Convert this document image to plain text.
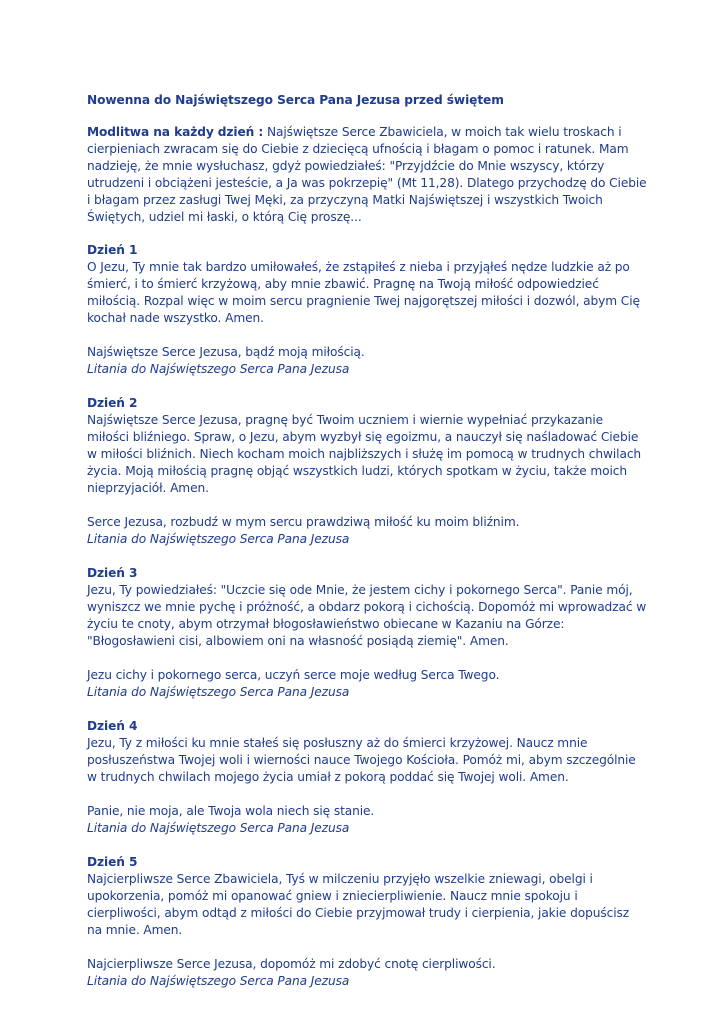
Nowenna do Najświętszego Serca Pana Jezusa przed świętem
Modlitwa na każdy dzień : Najświętsze Serce Zbawiciela, w moich tak wielu troskach i cierpieniach zwracam się do Ciebie z dziecięcą ufnością i błagam o pomoc i ratunek. Mam nadzieję, że mnie wysłuchasz, gdyż powiedziałeś: "Przyjdźcie do Mnie wszyscy, którzy utrudzeni i obciążeni jesteście, a Ja was pokrzepię" (Mt 11,28). Dlatego przychodzę do Ciebie i błagam przez zasługi Twej Męki, za przyczyną Matki Najświętszej i wszystkich Twoich Świętych, udziel mi łaski, o którą Cię proszę...
Dzień 1
O Jezu, Ty mnie tak bardzo umiłowałeś, że zstąpiłeś z nieba i przyjąłeś nędze ludzkie aż po śmierć, i to śmierć krzyżową, aby mnie zbawić. Pragnę na Twoją miłość odpowiedzieć miłością. Rozpal więc w moim sercu pragnienie Twej najgorętszej miłości i dozwól, abym Cię kochał nade wszystko. Amen.
Najświętsze Serce Jezusa, bądź moją miłością.
Litania do Najświętszego Serca Pana Jezusa
Dzień 2
Najświętsze Serce Jezusa, pragnę być Twoim uczniem i wiernie wypełniać przykazanie miłości bliźniego. Spraw, o Jezu, abym wyzbył się egoizmu, a nauczył się naśladować Ciebie w miłości bliźnich. Niech kocham moich najbliższych i służę im pomocą w trudnych chwilach życia. Moją miłością pragnę objąć wszystkich ludzi, których spotkam w życiu, także moich nieprzyjaciół. Amen.
Serce Jezusa, rozbudź w mym sercu prawdziwą miłość ku moim bliźnim.
Litania do Najświętszego Serca Pana Jezusa
Dzień 3
Jezu, Ty powiedziałeś: "Uczcie się ode Mnie, że jestem cichy i pokornego Serca". Panie mój, wyniszcz we mnie pychę i próżność, a obdarz pokorą i cichością. Dopomóż mi wprowadzać w życiu te cnoty, abym otrzymał błogosławieństwo obiecane w Kazaniu na Górze: "Błogosławieni cisi, albowiem oni na własność posiądą ziemię". Amen.
Jezu cichy i pokornego serca, uczyń serce moje według Serca Twego.
Litania do Najświętszego Serca Pana Jezusa
Dzień 4
Jezu, Ty z miłości ku mnie stałeś się posłuszny aż do śmierci krzyżowej. Naucz mnie posłuszeństwa Twojej woli i wierności nauce Twojego Kościoła. Pomóż mi, abym szczególnie w trudnych chwilach mojego życia umiał z pokorą poddać się Twojej woli. Amen.
Panie, nie moja, ale Twoja wola niech się stanie.
Litania do Najświętszego Serca Pana Jezusa
Dzień 5
Najcierpliwsze Serce Zbawiciela, Tyś w milczeniu przyjęło wszelkie zniewagi, obelgi i upokorzenia, pomóż mi opanować gniew i zniecierpliwienie. Naucz mnie spokoju i cierpliwości, abym odtąd z miłości do Ciebie przyjmował trudy i cierpienia, jakie dopuścisz na mnie. Amen.
Najcierpliwsze Serce Jezusa, dopomóż mi zdobyć cnotę cierpliwości.
Litania do Najświętszego Serca Pana Jezusa
